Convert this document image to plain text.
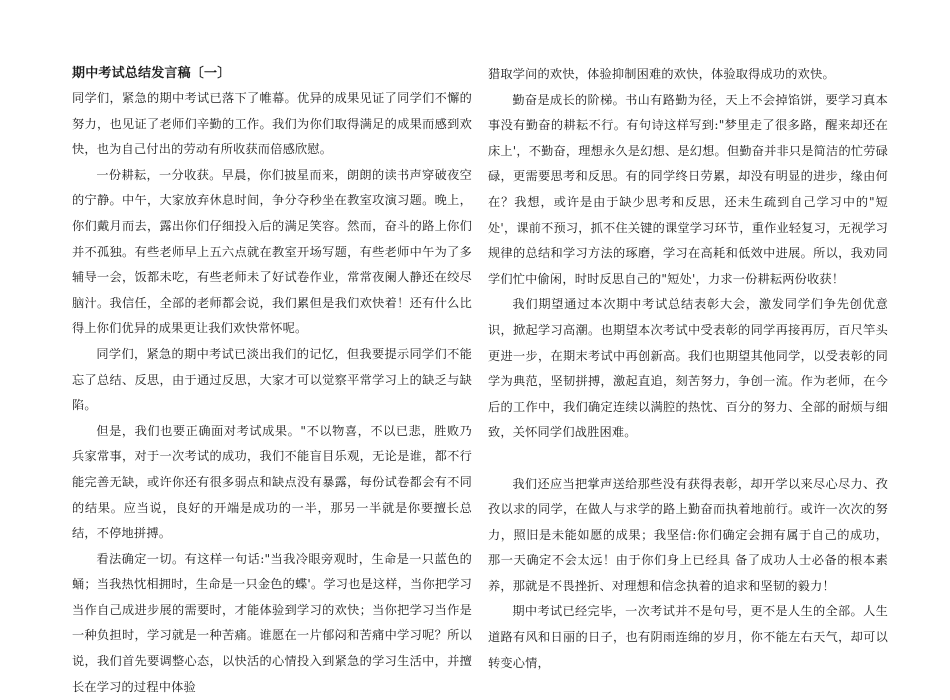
期中考试总结发言稿〔一〕

同学们，紧急的期中考试已落下了帷幕。优异的成果见证了同学们不懈的努力，也见证了老师们辛勤的工作。我们为你们取得满足的成果而感到欢快，也为自己付出的劳动有所收获而倍感欣慰。

一份耕耘，一分收获。早晨，你们披星而来，朗朗的读书声穿破夜空的宁静。中午，大家放弃休息时间，争分夺秒坐在教室攻演习题。晚上，你们戴月而去，露出你们仔细投入后的满足笑容。然而，奋斗的路上你们并不孤独。有些老师早上五六点就在教室开场写题，有些老师中午为了多辅导一会，饭都未吃，有些老师未了好试卷作业，常常夜阑人静还在绞尽脑汁。我信任，全部的老师都会说，我们累但是我们欢快着！还有什么比得上你们优异的成果更让我们欢快常怀呢。

同学们，紧急的期中考试已淡出我们的记忆，但我要提示同学们不能忘了总结、反思，由于通过反思，大家才可以觉察平常学习上的缺乏与缺陷。

但是，我们也要正确面对考试成果。"不以物喜，不以已悲，胜败乃兵家常事，对于一次考试的成功，我们不能盲目乐观，无论是谁，都不行能完善无缺，或许你还有很多弱点和缺点没有暴露，每份试卷都会有不同的结果。应当说，良好的开端是成功的一半，那另一半就是你要擅长总结，不停地拼搏。

看法确定一切。有这样一句话:"当我冷眼旁观时，生命是一只蓝色的蛹；当我热忱相拥时，生命是一只金色的蝶'。学习也是这样，当你把学习当作自己成进步展的需要时，才能体验到学习的欢快；当你把学习当作是一种负担时，学习就是一种苦痛。谁愿在一片郁闷和苦痛中学习呢？所以说，我们首先要调整心态，以快活的心情投入到紧急的学习生活中，并擅长在学习的过程中体验

猎取学问的欢快，体验抑制困难的欢快，体验取得成功的欢快。

勤奋是成长的阶梯。书山有路勤为径，天上不会掉馅饼，要学习真本事没有勤奋的耕耘不行。有句诗这样写到:"梦里走了很多路，醒来却还在床上'，不勤奋，理想永久是幻想、是幻想。但勤奋并非只是简洁的忙劳碌碌，更需要思考和反思。有的同学终日劳累，却没有明显的进步，缘由何在？我想，或许是由于缺少思考和反思，还未生疏到自己学习中的"短处'，课前不预习，抓不住关键的课堂学习环节，重作业轻复习，无视学习规律的总结和学习方法的琢磨，学习在高耗和低效中进展。所以，我劝同学们忙中偷闲，时时反思自己的"短处'，力求一份耕耘两份收获！

我们期望通过本次期中考试总结表彰大会，激发同学们争先创优意识，掀起学习高潮。也期望本次考试中受表彰的同学再接再厉，百尺竿头更进一步，在期末考试中再创新高。我们也期望其他同学，以受表彰的同学为典范，坚韧拼搏，激起直追，刻苦努力，争创一流。作为老师，在今后的工作中，我们确定连续以满腔的热忱、百分的努力、全部的耐烦与细致，关怀同学们战胜困难。

我们还应当把掌声送给那些没有获得表彰，却开学以来尽心尽力、孜孜以求的同学，在做人与求学的路上勤奋而执着地前行。或许一次次的努力，照旧是未能如愿的成果；我坚信:你们确定会拥有属于自己的成功，那一天确定不会太远！由于你们身上已经具 备了成功人士必备的根本素养，那就是不畏挫折、对理想和信念执着的追求和坚韧的毅力！

期中考试已经完毕，一次考试并不是句号，更不是人生的全部。人生道路有风和日丽的日子，也有阴雨连绵的岁月，你不能左右天气，却可以转变心情，
